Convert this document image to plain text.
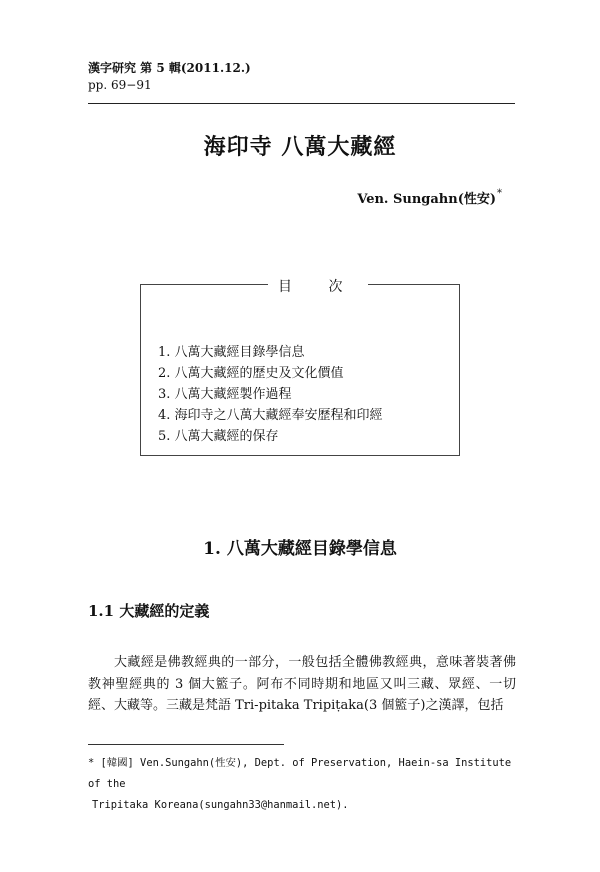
漢字研究 第 5 輯(2011.12.)
pp. 69−91
海印寺 八萬大藏經
Ven. Sungahn(性安)*
目 次
1. 八萬大藏經目錄學信息
2. 八萬大藏經的歷史及文化價值
3. 八萬大藏經製作過程
4. 海印寺之八萬大藏經奉安歷程和印經
5. 八萬大藏經的保存
1. 八萬大藏經目錄學信息
1.1 大藏經的定義

大藏經是佛教經典的一部分，一般包括全體佛教經典，意味著裝著佛教神聖經典的 3 個大籃子。阿布不同時期和地區又叫三藏、眾經、一切經、大藏等。三藏是梵語 Tri-pitaka Tripiṭaka(3 個籃子)之漢譯，包括

* [韓國] Ven.Sungahn(性安), Dept. of Preservation, Haein-sa Institute of the
Tripitaka Koreana(sungahn33@hanmail.net).
